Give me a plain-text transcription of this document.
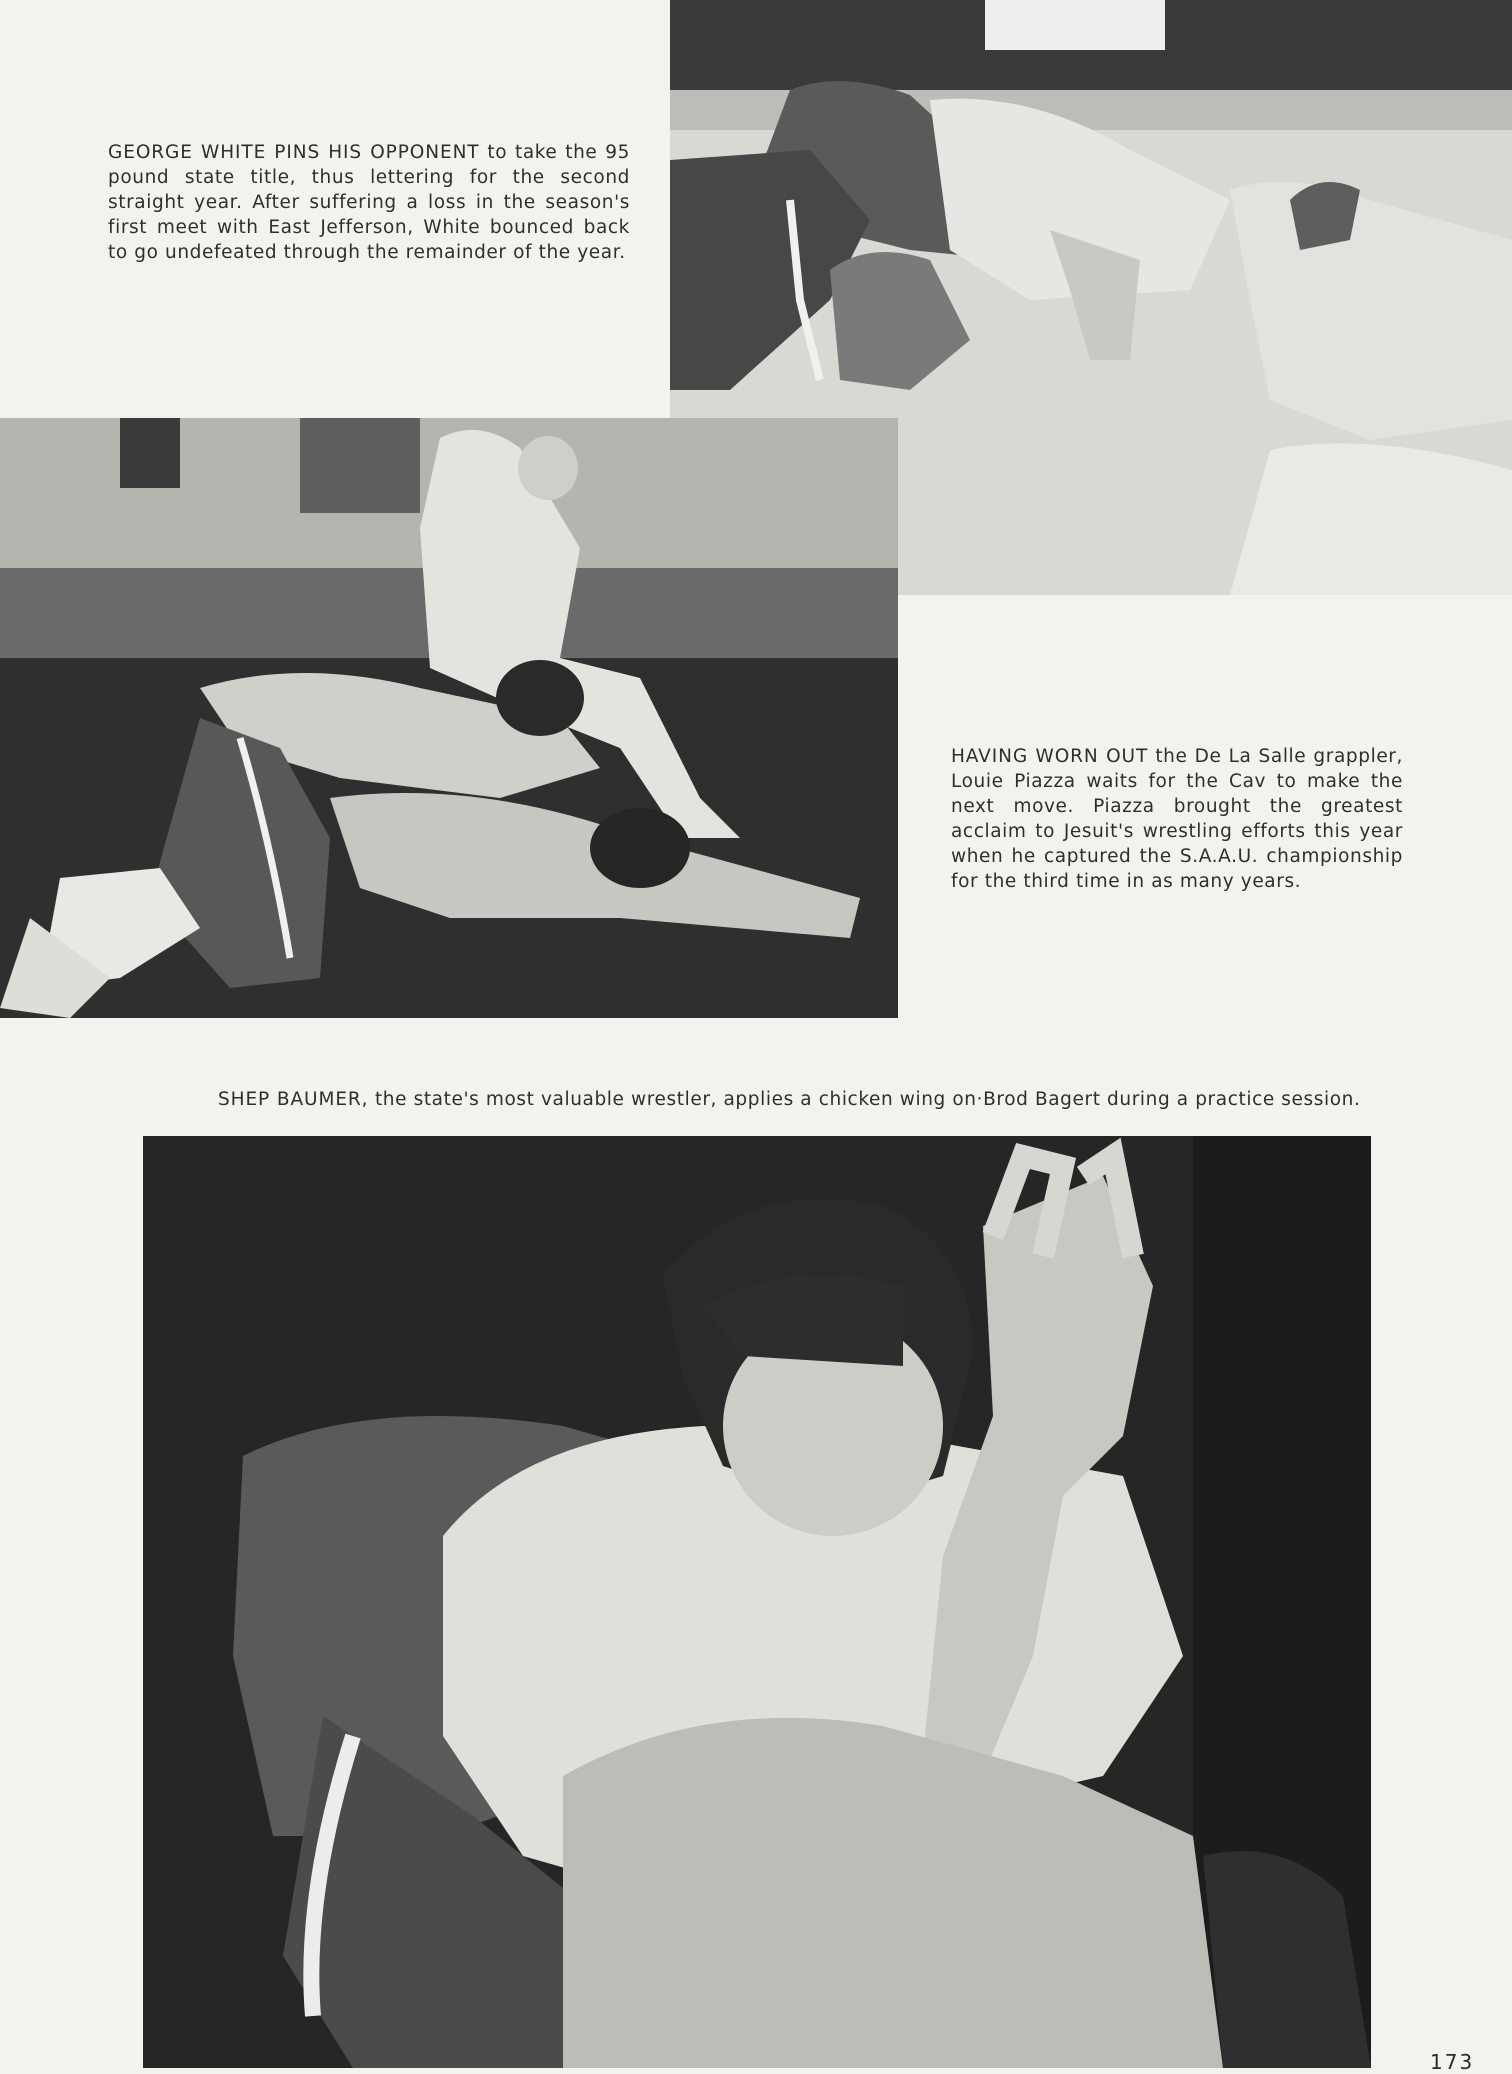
GEORGE WHITE PINS HIS OPPONENT to take the 95 pound state title, thus lettering for the second straight year. After suffering a loss in the season's first meet with East Jefferson, White bounced back to go undefeated through the remainder of the year.

HAVING WORN OUT the De La Salle grappler, Louie Piazza waits for the Cav to make the next move. Piazza brought the greatest acclaim to Jesuit's wrestling efforts this year when he captured the S.A.A.U. championship for the third time in as many years.

SHEP BAUMER, the state's most valuable wrestler, applies a chicken wing on·Brod Bagert during a practice session.

173
